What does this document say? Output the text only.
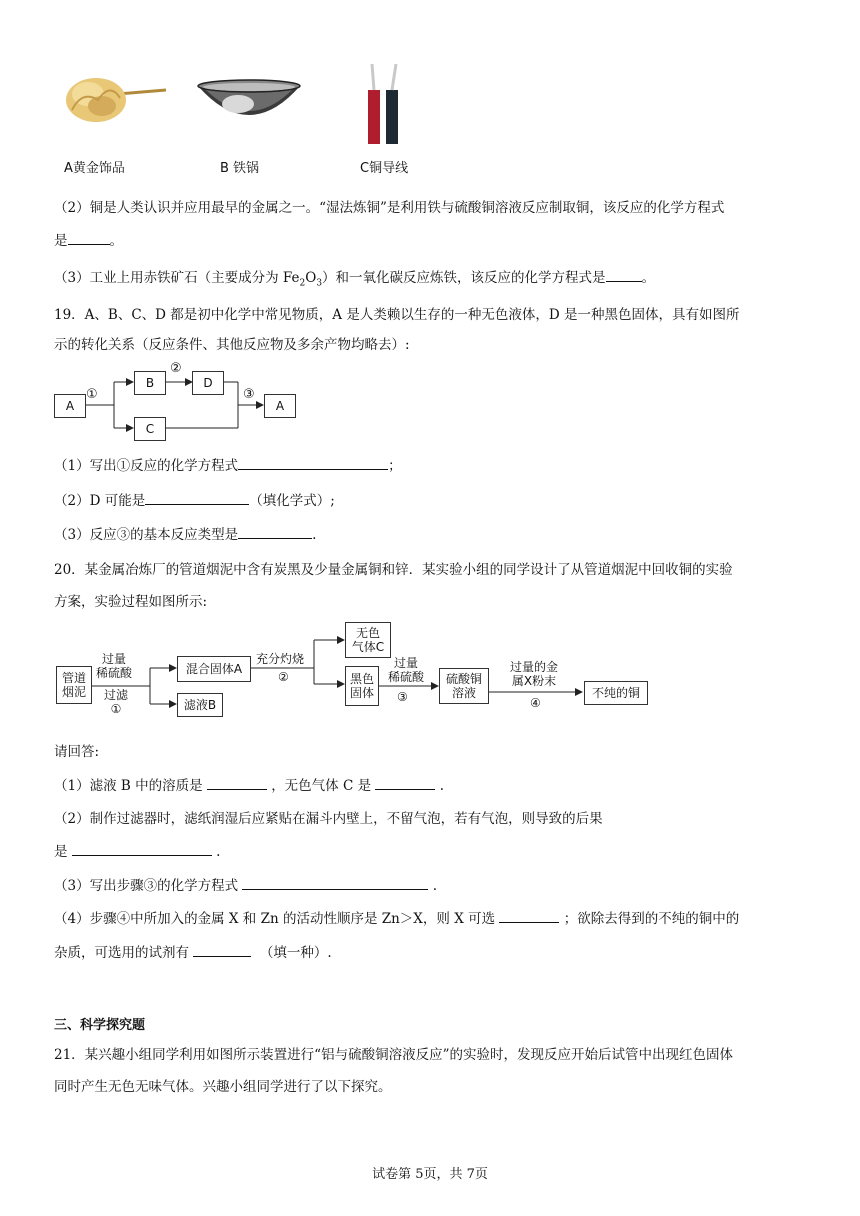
A黄金饰品	B 铁锅	C铜导线
（2）铜是人类认识并应用最早的金属之一。“湿法炼铜”是利用铁与硫酸铜溶液反应制取铜，该反应的化学方程式
是	。
（3）工业上用赤铁矿石（主要成分为 $Fe_2O_3$）和一氧化碳反应炼铁，该反应的化学方程式是	。
19．A、B、C、D 都是初中化学中常见物质，A 是人类赖以生存的一种无色液体，D 是一种黑色固体，具有如图所
示的转化关系（反应条件、其他反应物及多余产物均略去）:
A
B	D
C
A
①
②
③
（1）写出①反应的化学方程式	；
（2）D 可能是	（填化学式）;
（3）反应③的基本反应类型是	.
20．某金属冶炼厂的管道烟泥中含有炭黑及少量金属铜和锌．某实验小组的同学设计了从管道烟泥中回收铜的实验
方案，实验过程如图所示:
管道
烟泥
过量
稀硫酸
过滤
①
混合固体A
滤液B
充分灼烧
②
无色
气体C
黑色
固体
过量
稀硫酸
③
硫酸铜
溶液
过量的金
属X粉末
④
不纯的铜
请回答:
（1）滤液 B 中的溶质是	，无色气体 C 是	.
（2）制作过滤器时，滤纸润湿后应紧贴在漏斗内壁上，不留气泡，若有气泡，则导致的后果
是	.
（3）写出步骤③的化学方程式	.
（4）步骤④中所加入的金属 X 和 Zn 的活动性顺序是 Zn＞X，则 X 可选	；欲除去得到的不纯的铜中的
杂质，可选用的试剂有	（填一种）.
三、科学探究题
21．某兴趣小组同学利用如图所示装置进行“铝与硫酸铜溶液反应”的实验时，发现反应开始后试管中出现红色固体
同时产生无色无味气体。兴趣小组同学进行了以下探究。
试卷第 5页，共 7页
